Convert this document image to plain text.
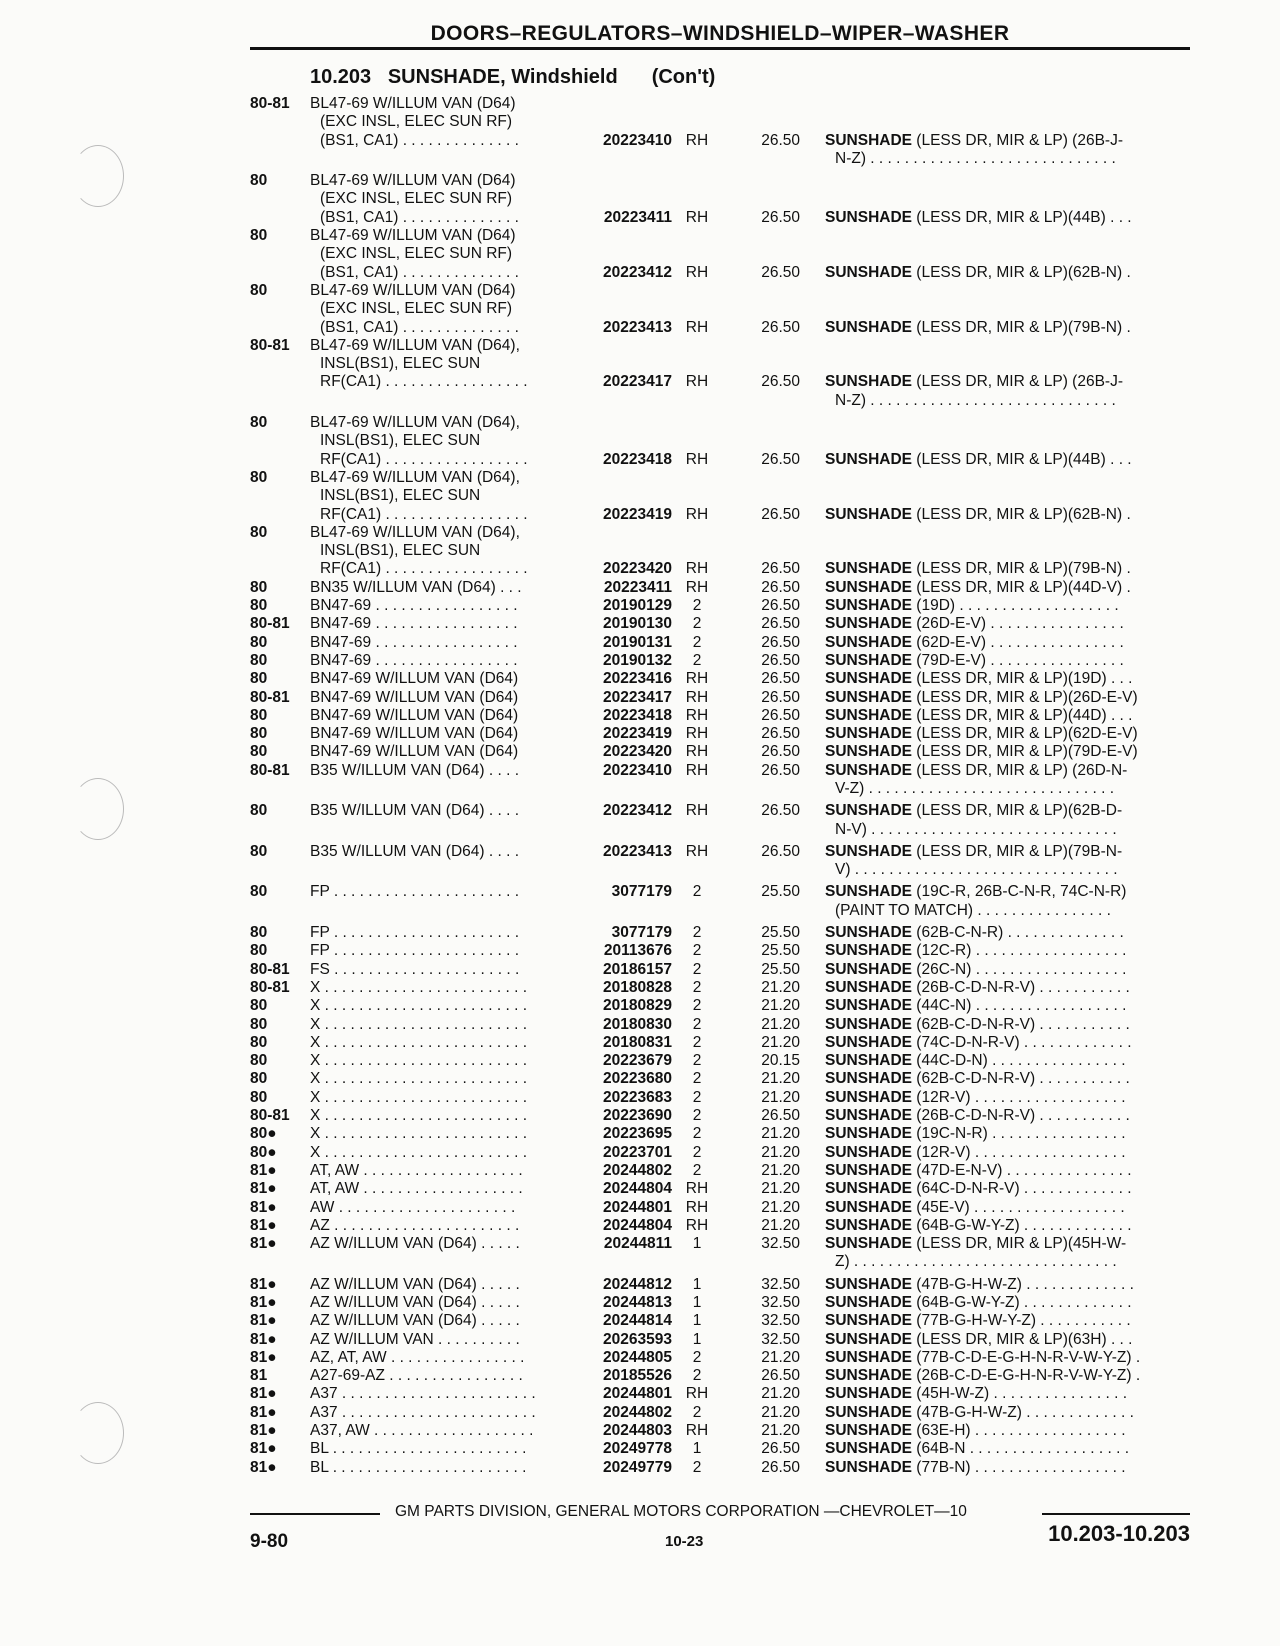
DOORS–REGULATORS–WINDSHIELD–WIPER–WASHER
10.203 SUNSHADE, Windshield (Con't)
80-81	BL47-69 W/ILLUM VAN (D64)
(EXC INSL, ELEC SUN RF)
(BS1, CA1) . . . . . . . . . . . . . .	20223410 RH	26.50 SUNSHADE (LESS DR, MIR & LP) (26B-J-
N-Z) . . . . . . . . . . . . . . . . . . . . . . . . . . . . .
80	BL47-69 W/ILLUM VAN (D64)
(EXC INSL, ELEC SUN RF)
(BS1, CA1) . . . . . . . . . . . . . .	20223411 RH	26.50 SUNSHADE (LESS DR, MIR & LP)(44B) . . .
80	BL47-69 W/ILLUM VAN (D64)
(EXC INSL, ELEC SUN RF)
(BS1, CA1) . . . . . . . . . . . . . .	20223412 RH	26.50 SUNSHADE (LESS DR, MIR & LP)(62B-N) .
80	BL47-69 W/ILLUM VAN (D64)
(EXC INSL, ELEC SUN RF)
(BS1, CA1) . . . . . . . . . . . . . .	20223413 RH	26.50 SUNSHADE (LESS DR, MIR & LP)(79B-N) .
80-81	BL47-69 W/ILLUM VAN (D64),
INSL(BS1), ELEC SUN
RF(CA1) . . . . . . . . . . . . . . . . .	20223417 RH	26.50 SUNSHADE (LESS DR, MIR & LP) (26B-J-
N-Z) . . . . . . . . . . . . . . . . . . . . . . . . . . . . .
80	BL47-69 W/ILLUM VAN (D64),
INSL(BS1), ELEC SUN
RF(CA1) . . . . . . . . . . . . . . . . .	20223418 RH	26.50 SUNSHADE (LESS DR, MIR & LP)(44B) . . .
80	BL47-69 W/ILLUM VAN (D64),
INSL(BS1), ELEC SUN
RF(CA1) . . . . . . . . . . . . . . . . .	20223419 RH	26.50 SUNSHADE (LESS DR, MIR & LP)(62B-N) .
80	BL47-69 W/ILLUM VAN (D64),
INSL(BS1), ELEC SUN
RF(CA1) . . . . . . . . . . . . . . . . .	20223420 RH	26.50 SUNSHADE (LESS DR, MIR & LP)(79B-N) .
80	BN35 W/ILLUM VAN (D64) . . .	20223411 RH	26.50 SUNSHADE (LESS DR, MIR & LP)(44D-V) .
80	BN47-69 . . . . . . . . . . . . . . . . .	20190129	2	26.50 SUNSHADE (19D) . . . . . . . . . . . . . . . . . . .
80-81	BN47-69 . . . . . . . . . . . . . . . . .	20190130	2	26.50 SUNSHADE (26D-E-V) . . . . . . . . . . . . . . . .
80	BN47-69 . . . . . . . . . . . . . . . . .	20190131	2	26.50 SUNSHADE (62D-E-V) . . . . . . . . . . . . . . . .
80	BN47-69 . . . . . . . . . . . . . . . . .	20190132	2	26.50 SUNSHADE (79D-E-V) . . . . . . . . . . . . . . . .
80	BN47-69 W/ILLUM VAN (D64)	20223416 RH	26.50 SUNSHADE (LESS DR, MIR & LP)(19D) . . .
80-81	BN47-69 W/ILLUM VAN (D64)	20223417 RH	26.50 SUNSHADE (LESS DR, MIR & LP)(26D-E-V)
80	BN47-69 W/ILLUM VAN (D64)	20223418 RH	26.50 SUNSHADE (LESS DR, MIR & LP)(44D) . . .
80	BN47-69 W/ILLUM VAN (D64)	20223419 RH	26.50 SUNSHADE (LESS DR, MIR & LP)(62D-E-V)
80	BN47-69 W/ILLUM VAN (D64)	20223420 RH	26.50 SUNSHADE (LESS DR, MIR & LP)(79D-E-V)
80-81	B35 W/ILLUM VAN (D64) . . . .	20223410 RH	26.50 SUNSHADE (LESS DR, MIR & LP) (26D-N-
V-Z) . . . . . . . . . . . . . . . . . . . . . . . . . . . . .
80	B35 W/ILLUM VAN (D64) . . . .	20223412 RH	26.50 SUNSHADE (LESS DR, MIR & LP)(62B-D-
N-V) . . . . . . . . . . . . . . . . . . . . . . . . . . . . .
80	B35 W/ILLUM VAN (D64) . . . .	20223413 RH	26.50 SUNSHADE (LESS DR, MIR & LP)(79B-N-
V) . . . . . . . . . . . . . . . . . . . . . . . . . . . . . . .
80	FP . . . . . . . . . . . . . . . . . . . . . .	3077179	2	25.50 SUNSHADE (19C-R, 26B-C-N-R, 74C-N-R)
(PAINT TO MATCH) . . . . . . . . . . . . . . . .
80	FP . . . . . . . . . . . . . . . . . . . . . .	3077179	2	25.50 SUNSHADE (62B-C-N-R) . . . . . . . . . . . . . .
80	FP . . . . . . . . . . . . . . . . . . . . . .	20113676	2	25.50 SUNSHADE (12C-R) . . . . . . . . . . . . . . . . . .
80-81	FS . . . . . . . . . . . . . . . . . . . . . .	20186157	2	25.50 SUNSHADE (26C-N) . . . . . . . . . . . . . . . . . .
80-81	X . . . . . . . . . . . . . . . . . . . . . . . .	20180828	2	21.20 SUNSHADE (26B-C-D-N-R-V) . . . . . . . . . . .
80	X . . . . . . . . . . . . . . . . . . . . . . . .	20180829	2	21.20 SUNSHADE (44C-N) . . . . . . . . . . . . . . . . . .
80	X . . . . . . . . . . . . . . . . . . . . . . . .	20180830	2	21.20 SUNSHADE (62B-C-D-N-R-V) . . . . . . . . . . .
80	X . . . . . . . . . . . . . . . . . . . . . . . .	20180831	2	21.20 SUNSHADE (74C-D-N-R-V) . . . . . . . . . . . . .
80	X . . . . . . . . . . . . . . . . . . . . . . . .	20223679	2	20.15 SUNSHADE (44C-D-N) . . . . . . . . . . . . . . . .
80	X . . . . . . . . . . . . . . . . . . . . . . . .	20223680	2	21.20 SUNSHADE (62B-C-D-N-R-V) . . . . . . . . . . .
80	X . . . . . . . . . . . . . . . . . . . . . . . .	20223683	2	21.20 SUNSHADE (12R-V) . . . . . . . . . . . . . . . . . .
80-81	X . . . . . . . . . . . . . . . . . . . . . . . .	20223690	2	26.50 SUNSHADE (26B-C-D-N-R-V) . . . . . . . . . . .
80●	X . . . . . . . . . . . . . . . . . . . . . . . .	20223695	2	21.20 SUNSHADE (19C-N-R) . . . . . . . . . . . . . . . .
80●	X . . . . . . . . . . . . . . . . . . . . . . . .	20223701	2	21.20 SUNSHADE (12R-V) . . . . . . . . . . . . . . . . . .
81●	AT, AW . . . . . . . . . . . . . . . . . . .	20244802	2	21.20 SUNSHADE (47D-E-N-V) . . . . . . . . . . . . . . .
81●	AT, AW . . . . . . . . . . . . . . . . . . .	20244804 RH	21.20 SUNSHADE (64C-D-N-R-V) . . . . . . . . . . . . .
81●	AW . . . . . . . . . . . . . . . . . . . . .	20244801 RH	21.20 SUNSHADE (45E-V) . . . . . . . . . . . . . . . . . .
81●	AZ . . . . . . . . . . . . . . . . . . . . . .	20244804 RH	21.20 SUNSHADE (64B-G-W-Y-Z) . . . . . . . . . . . . .
81●	AZ W/ILLUM VAN (D64) . . . . .	20244811	1	32.50 SUNSHADE (LESS DR, MIR & LP)(45H-W-
Z) . . . . . . . . . . . . . . . . . . . . . . . . . . . . . . .
81●	AZ W/ILLUM VAN (D64) . . . . .	20244812	1	32.50 SUNSHADE (47B-G-H-W-Z) . . . . . . . . . . . . .
81●	AZ W/ILLUM VAN (D64) . . . . .	20244813	1	32.50 SUNSHADE (64B-G-W-Y-Z) . . . . . . . . . . . . .
81●	AZ W/ILLUM VAN (D64) . . . . .	20244814	1	32.50 SUNSHADE (77B-G-H-W-Y-Z) . . . . . . . . . . .
81●	AZ W/ILLUM VAN . . . . . . . . . .	20263593	1	32.50 SUNSHADE (LESS DR, MIR & LP)(63H) . . .
81●	AZ, AT, AW . . . . . . . . . . . . . . . .	20244805	2	21.20 SUNSHADE (77B-C-D-E-G-H-N-R-V-W-Y-Z) .
81	A27-69-AZ . . . . . . . . . . . . . . . .	20185526	2	26.50 SUNSHADE (26B-C-D-E-G-H-N-R-V-W-Y-Z) .
81●	A37 . . . . . . . . . . . . . . . . . . . . . . .	20244801 RH	21.20 SUNSHADE (45H-W-Z) . . . . . . . . . . . . . . . .
81●	A37 . . . . . . . . . . . . . . . . . . . . . . .	20244802	2	21.20 SUNSHADE (47B-G-H-W-Z) . . . . . . . . . . . . .
81●	A37, AW . . . . . . . . . . . . . . . . . . .	20244803 RH	21.20 SUNSHADE (63E-H) . . . . . . . . . . . . . . . . . .
81●	BL . . . . . . . . . . . . . . . . . . . . . . .	20249778	1	26.50 SUNSHADE (64B-N . . . . . . . . . . . . . . . . . . .
81●	BL . . . . . . . . . . . . . . . . . . . . . . .	20249779	2	26.50 SUNSHADE (77B-N) . . . . . . . . . . . . . . . . . .
GM PARTS DIVISION, GENERAL MOTORS CORPORATION —CHEVROLET—10
9-80	10-23	10.203-10.203
